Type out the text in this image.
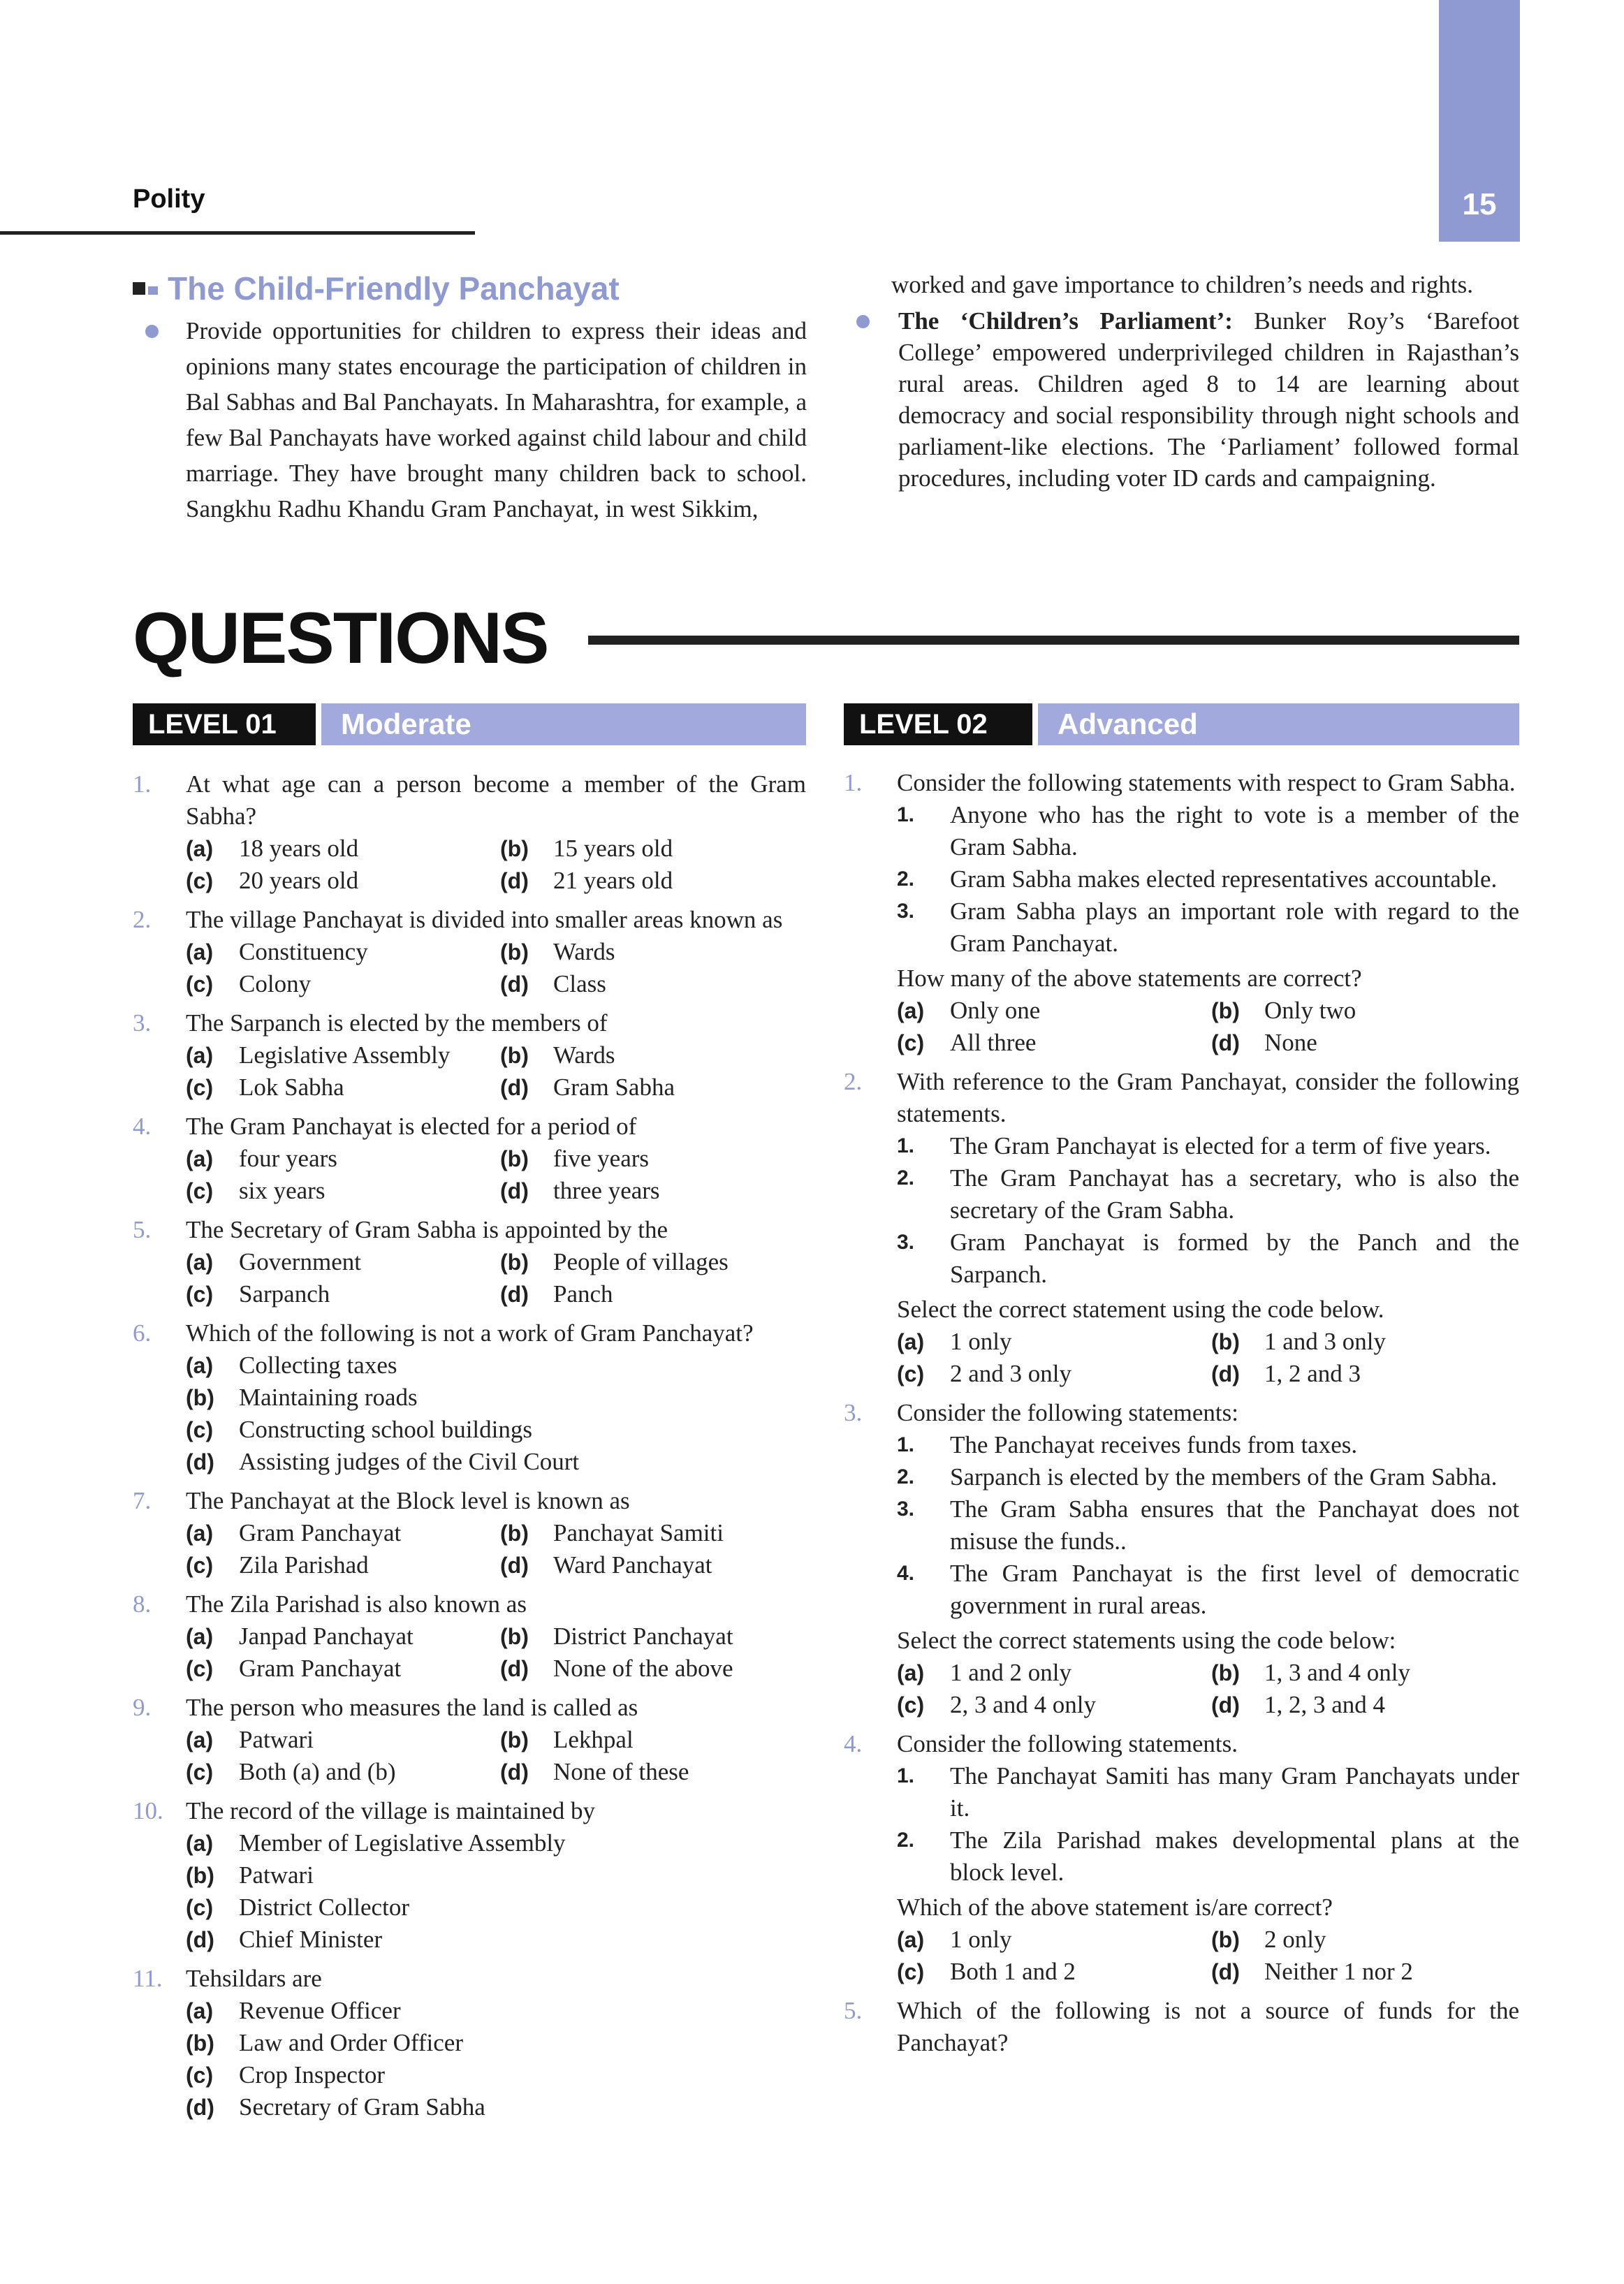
15
Polity
The Child-Friendly Panchayat
Provide opportunities for children to express their ideas and opinions many states encourage the participation of children in Bal Sabhas and Bal Panchayats. In Maharashtra, for example, a few Bal Panchayats have worked against child labour and child marriage. They have brought many children back to school. Sangkhu Radhu Khandu Gram Panchayat, in west Sikkim,
worked and gave importance to children’s needs and rights.
The ‘Children’s Parliament’: Bunker Roy’s ‘Barefoot College’ empowered underprivileged children in Rajasthan’s rural areas. Children aged 8 to 14 are learning about democracy and social responsibility through night schools and parliament-like elections. The ‘Parliament’ followed formal procedures, including voter ID cards and campaigning.
QUESTIONS
LEVEL 01	Moderate	LEVEL 02	Advanced
1. At what age can a person become a member of the Gram Sabha?
(a) 18 years old	(b) 15 years old
(c) 20 years old	(d) 21 years old
2. The village Panchayat is divided into smaller areas known as
(a) Constituency	(b) Wards
(c) Colony	(d) Class
3. The Sarpanch is elected by the members of
(a) Legislative Assembly	(b) Wards
(c) Lok Sabha	(d) Gram Sabha
4. The Gram Panchayat is elected for a period of
(a) four years	(b) five years
(c) six years	(d) three years
5. The Secretary of Gram Sabha is appointed by the
(a) Government	(b) People of villages
(c) Sarpanch	(d) Panch
6. Which of the following is not a work of Gram Panchayat?
(a) Collecting taxes
(b) Maintaining roads
(c) Constructing school buildings
(d) Assisting judges of the Civil Court
7. The Panchayat at the Block level is known as
(a) Gram Panchayat	(b) Panchayat Samiti
(c) Zila Parishad	(d) Ward Panchayat
8. The Zila Parishad is also known as
(a) Janpad Panchayat	(b) District Panchayat
(c) Gram Panchayat	(d) None of the above
9. The person who measures the land is called as
(a) Patwari	(b) Lekhpal
(c) Both (a) and (b)	(d) None of these
10. The record of the village is maintained by
(a) Member of Legislative Assembly
(b) Patwari
(c) District Collector
(d) Chief Minister
11. Tehsildars are
(a) Revenue Officer
(b) Law and Order Officer
(c) Crop Inspector
(d) Secretary of Gram Sabha
1. Consider the following statements with respect to Gram Sabha.
1. Anyone who has the right to vote is a member of the Gram Sabha.
2. Gram Sabha makes elected representatives accountable.
3. Gram Sabha plays an important role with regard to the Gram Panchayat.
How many of the above statements are correct?
(a) Only one	(b) Only two
(c) All three	(d) None
2. With reference to the Gram Panchayat, consider the following statements.
1. The Gram Panchayat is elected for a term of five years.
2. The Gram Panchayat has a secretary, who is also the secretary of the Gram Sabha.
3. Gram Panchayat is formed by the Panch and the Sarpanch.
Select the correct statement using the code below.
(a) 1 only	(b) 1 and 3 only
(c) 2 and 3 only	(d) 1, 2 and 3
3. Consider the following statements:
1. The Panchayat receives funds from taxes.
2. Sarpanch is elected by the members of the Gram Sabha.
3. The Gram Sabha ensures that the Panchayat does not misuse the funds..
4. The Gram Panchayat is the first level of democratic government in rural areas.
Select the correct statements using the code below:
(a) 1 and 2 only	(b) 1, 3 and 4 only
(c) 2, 3 and 4 only	(d) 1, 2, 3 and 4
4. Consider the following statements.
1. The Panchayat Samiti has many Gram Panchayats under it.
2. The Zila Parishad makes developmental plans at the block level.
Which of the above statement is/are correct?
(a) 1 only	(b) 2 only
(c) Both 1 and 2	(d) Neither 1 nor 2
5. Which of the following is not a source of funds for the Panchayat?
